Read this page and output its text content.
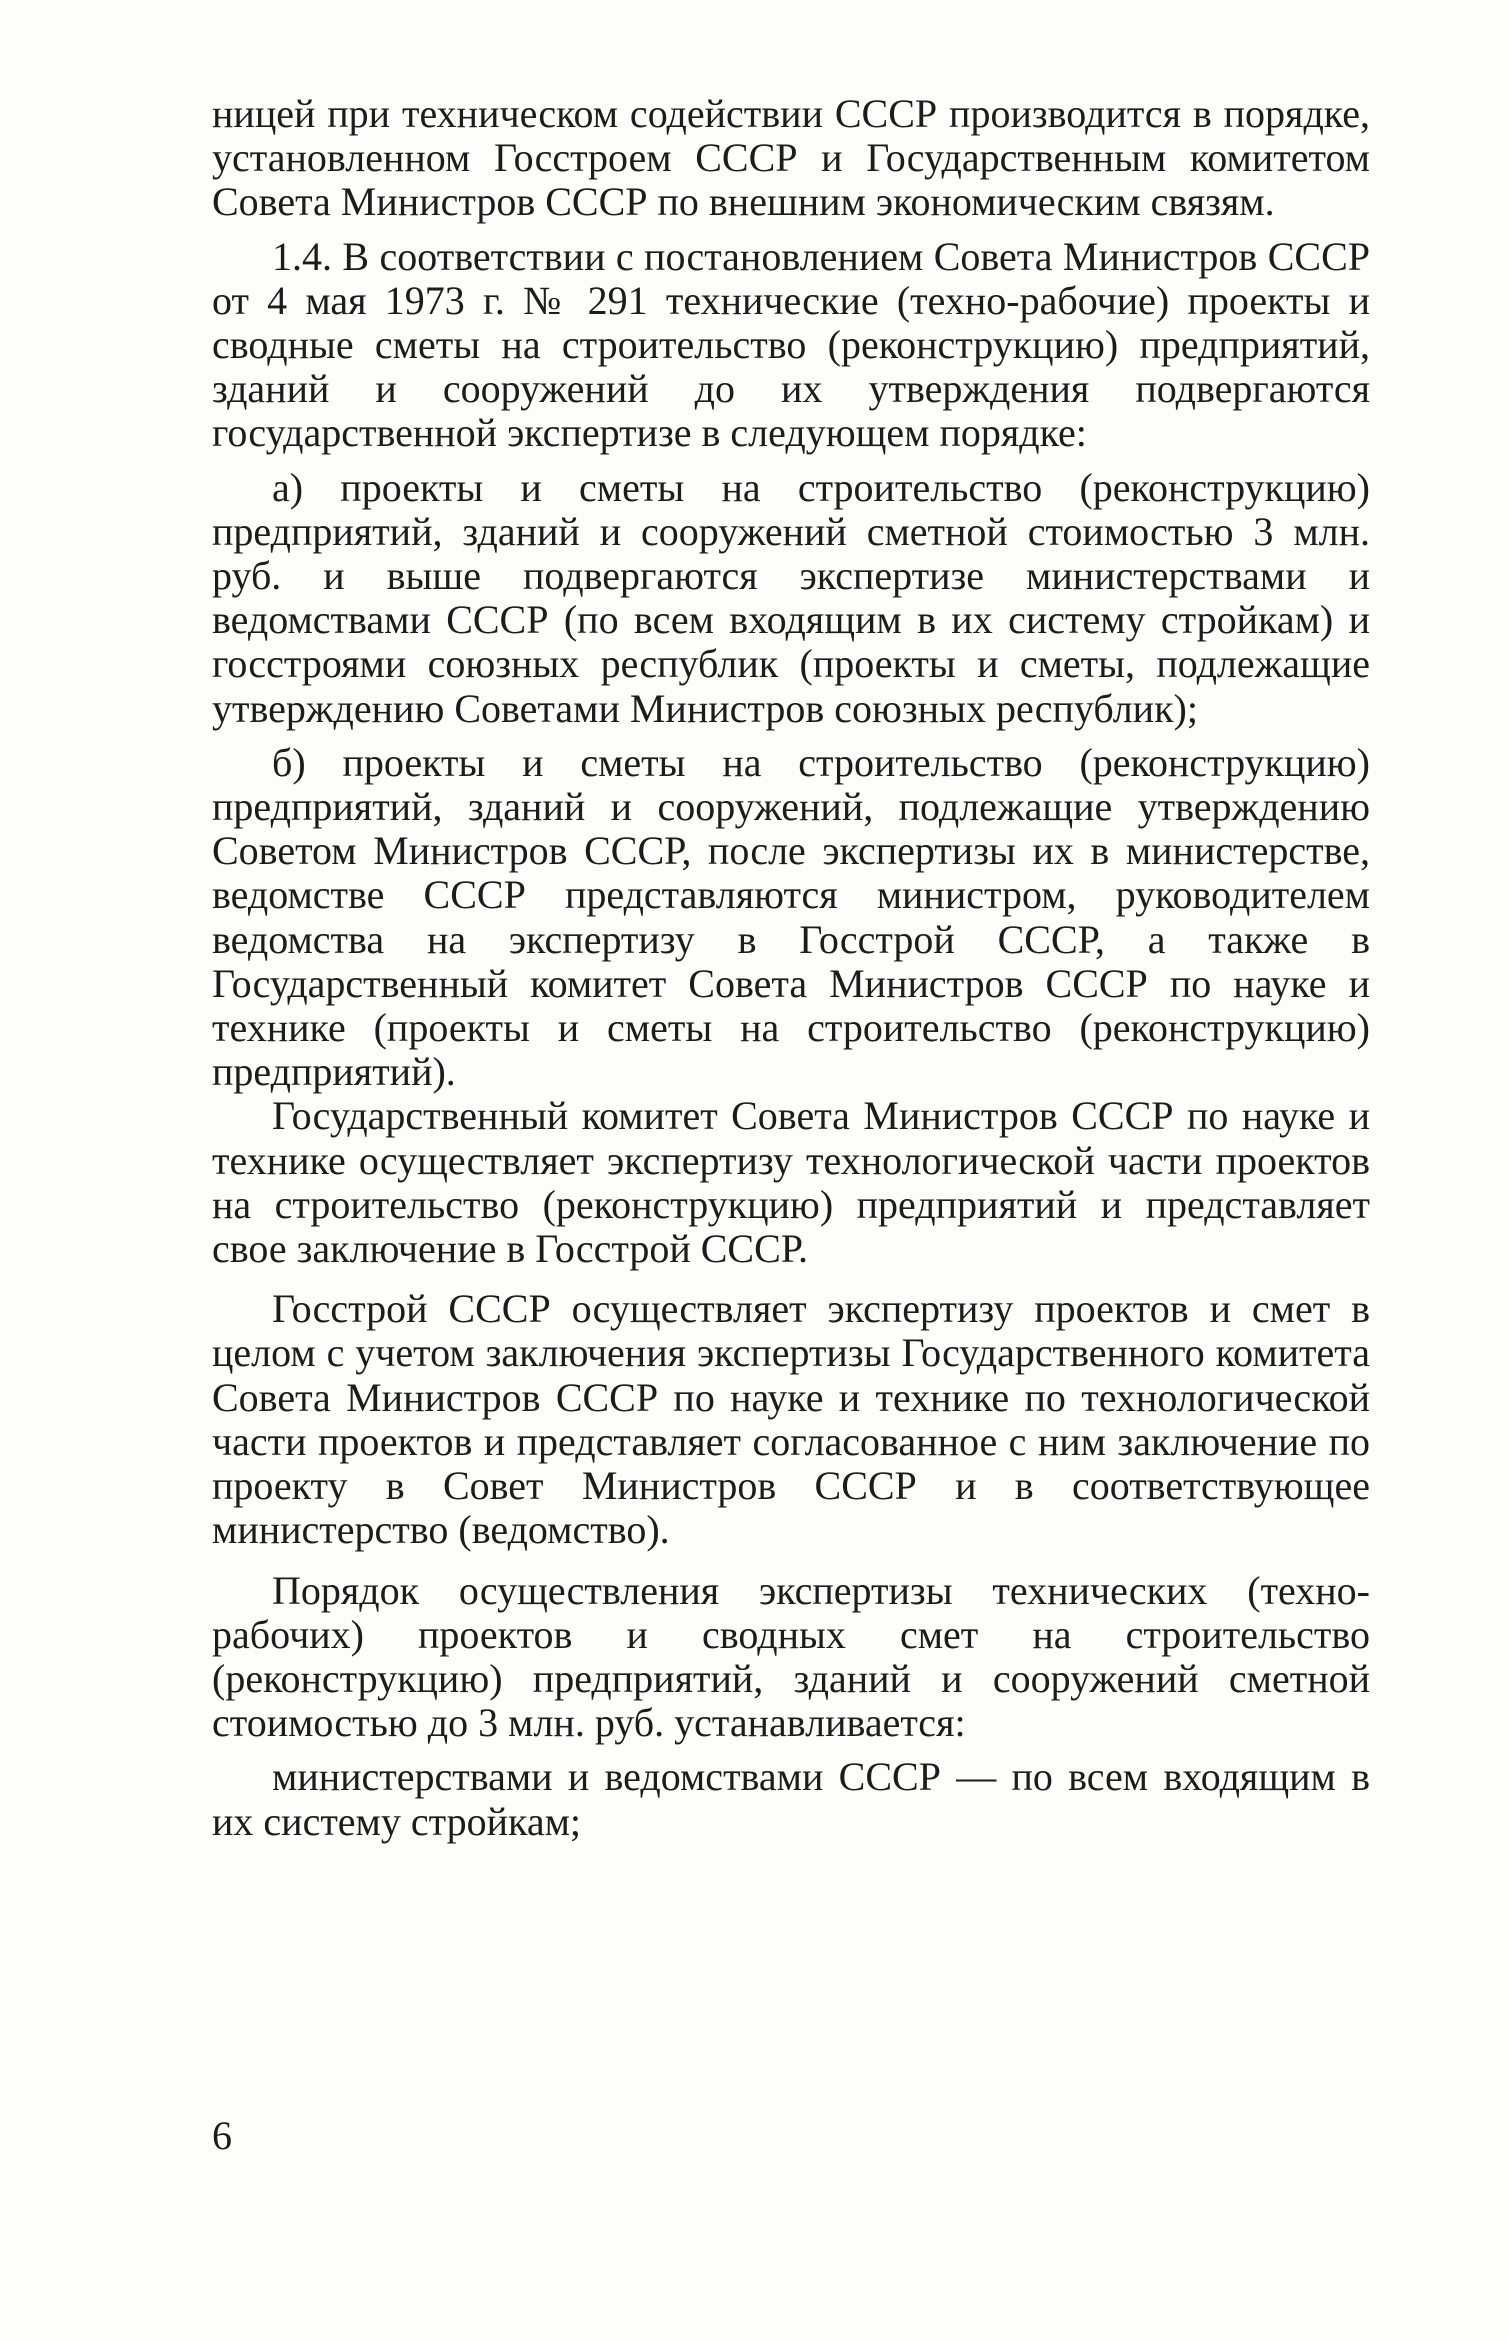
ницей при техническом содействии СССР производится в порядке, установленном Госстроем СССР и Государственным комитетом Совета Министров СССР по внешним экономическим связям.

1.4. В соответствии с постановлением Совета Министров СССР от 4 мая 1973 г. № 291 технические (техно-рабочие) проекты и сводные сметы на строительство (реконструкцию) предприятий, зданий и сооружений до их утверждения подвергаются государственной экспертизе в следующем порядке:

а) проекты и сметы на строительство (реконструкцию) предприятий, зданий и сооружений сметной стоимостью 3 млн. руб. и выше подвергаются экспертизе министерствами и ведомствами СССР (по всем входящим в их систему стройкам) и госстроями союзных республик (проекты и сметы, подлежащие утверждению Советами Министров союзных республик);

б) проекты и сметы на строительство (реконструкцию) предприятий, зданий и сооружений, подлежащие утверждению Советом Министров СССР, после экспертизы их в министерстве, ведомстве СССР представляются министром, руководителем ведомства на экспертизу в Госстрой СССР, а также в Государственный комитет Совета Министров СССР по науке и технике (проекты и сметы на строительство (реконструкцию) предприятий).

Государственный комитет Совета Министров СССР по науке и технике осуществляет экспертизу технологической части проектов на строительство (реконструкцию) предприятий и представляет свое заключение в Госстрой СССР.

Госстрой СССР осуществляет экспертизу проектов и смет в целом с учетом заключения экспертизы Государственного комитета Совета Министров СССР по науке и технике по технологической части проектов и представляет согласованное с ним заключение по проекту в Совет Министров СССР и в соответствующее министерство (ведомство).

Порядок осуществления экспертизы технических (техно-рабочих) проектов и сводных смет на строительство (реконструкцию) предприятий, зданий и сооружений сметной стоимостью до 3 млн. руб. устанавливается:

министерствами и ведомствами СССР — по всем входящим в их систему стройкам;

6
